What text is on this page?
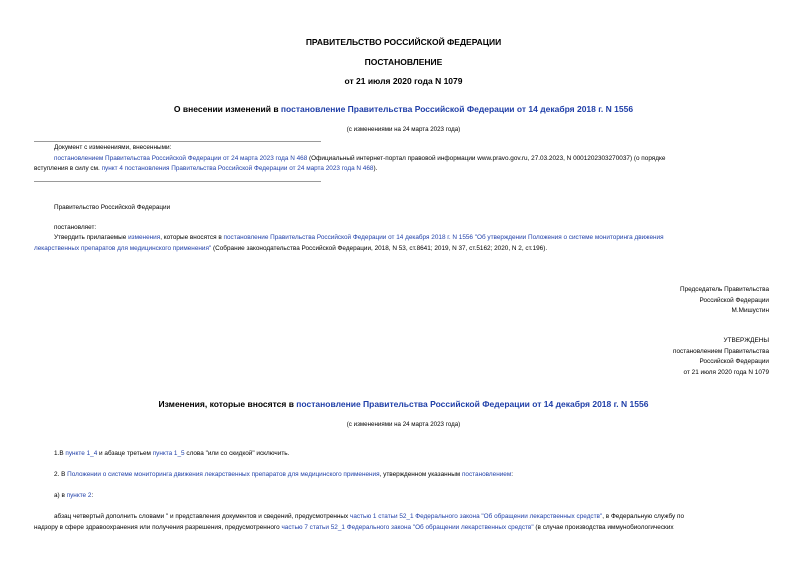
ПРАВИТЕЛЬСТВО РОССИЙСКОЙ ФЕДЕРАЦИИ
ПОСТАНОВЛЕНИЕ
от 21 июля 2020 года N 1079
О внесении изменений в постановление Правительства Российской Федерации от 14 декабря 2018 г. N 1556
(с изменениями на 24 марта 2023 года)
Документ с изменениями, внесенными:
постановлением Правительства Российской Федерации от 24 марта 2023 года N 468 (Официальный интернет-портал правовой информации www.pravo.gov.ru, 27.03.2023, N 0001202303270037) (о порядке
вступления в силу см. пункт 4 постановления Правительства Российской Федерации от 24 марта 2023 года N 468).
Правительство Российской Федерации
постановляет:
Утвердить прилагаемые изменения, которые вносятся в постановление Правительства Российской Федерации от 14 декабря 2018 г. N 1556 "Об утверждении Положения о системе мониторинга движения
лекарственных препаратов для медицинского применения" (Собрание законодательства Российской Федерации, 2018, N 53, ст.8641; 2019, N 37, ст.5162; 2020, N 2, ст.196).
Председатель Правительства
Российской Федерации
М.Мишустин
УТВЕРЖДЕНЫ
постановлением Правительства
Российской Федерации
от 21 июля 2020 года N 1079
Изменения, которые вносятся в постановление Правительства Российской Федерации от 14 декабря 2018 г. N 1556
(с изменениями на 24 марта 2023 года)
1.В пункте 1_4 и абзаце третьем пункта 1_5 слова "или со скидкой" исключить.
2. В Положении о системе мониторинга движения лекарственных препаратов для медицинского применения, утвержденном указанным постановлением:
а) в пункте 2:
абзац четвертый дополнить словами " и представления документов и сведений, предусмотренных частью 1 статьи 52_1 Федерального закона "Об обращении лекарственных средств", в Федеральную службу по
надзору в сфере здравоохранения или получения разрешения, предусмотренного частью 7 статьи 52_1 Федерального закона "Об обращении лекарственных средств" (в случае производства иммунобиологических
